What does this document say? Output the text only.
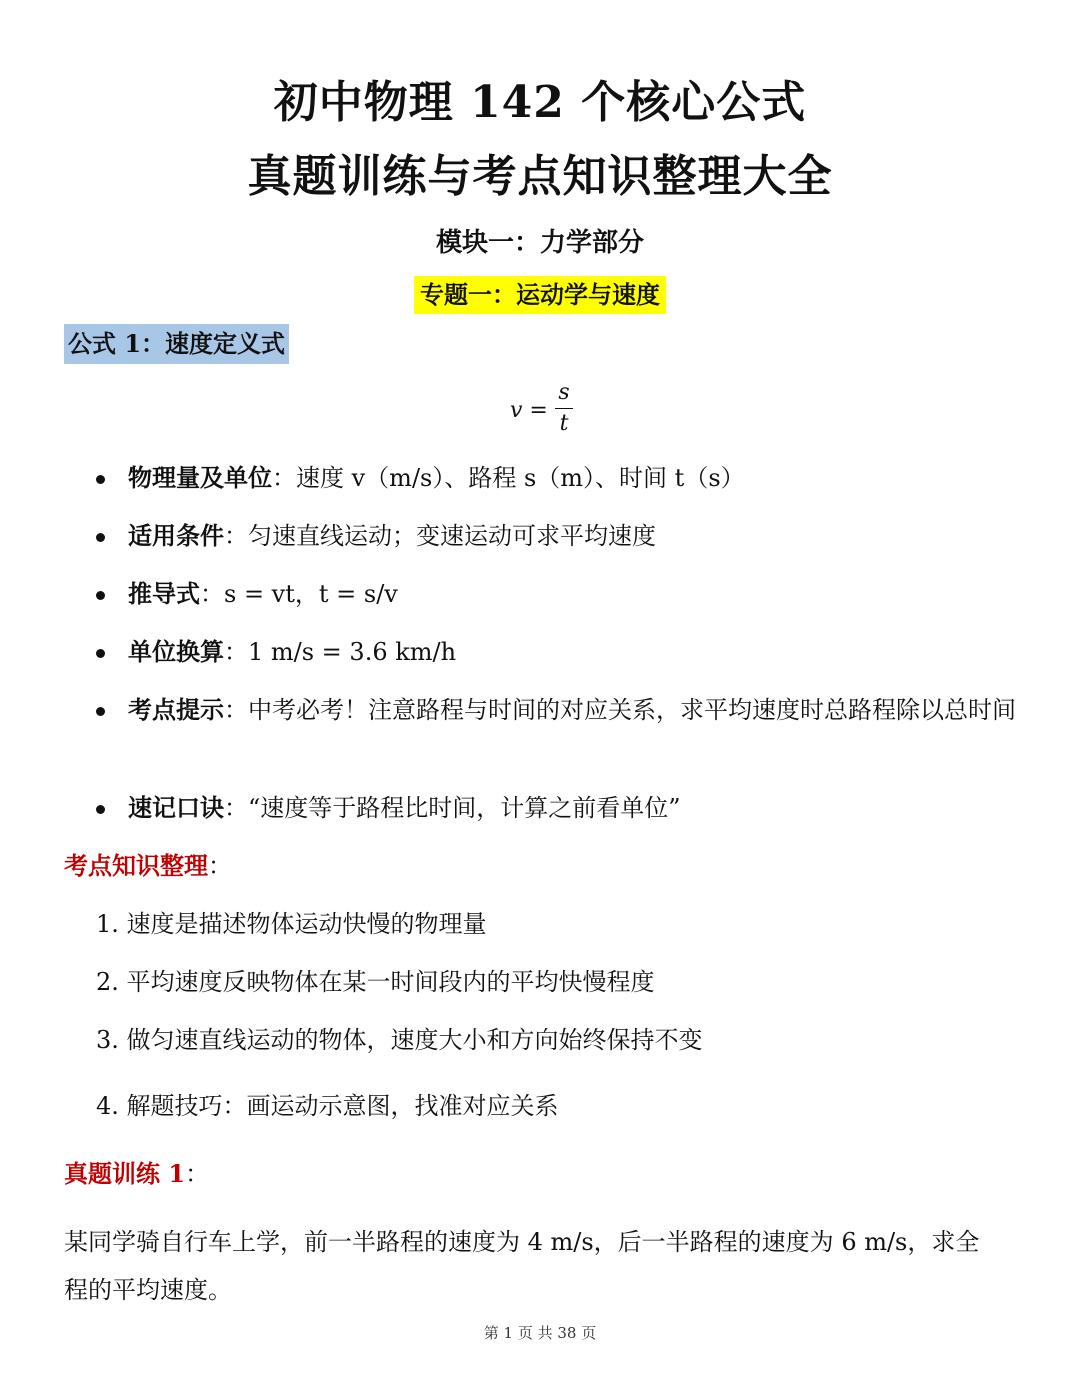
初中物理 142 个核心公式
真题训练与考点知识整理大全
模块一：力学部分
专题一：运动学与速度
公式 1：速度定义式
v =
s
t
物理量及单位：速度 v（m/s）、路程 s（m）、时间 t（s）
适用条件：匀速直线运动；变速运动可求平均速度
推导式：s = vt，t = s/v
单位换算：1 m/s = 3.6 km/h
考点提示：中考必考！注意路程与时间的对应关系，求平均速度时总路程除以总时间
速记口诀：“速度等于路程比时间，计算之前看单位”
考点知识整理：
1. 速度是描述物体运动快慢的物理量
2. 平均速度反映物体在某一时间段内的平均快慢程度
3. 做匀速直线运动的物体，速度大小和方向始终保持不变
4. 解题技巧：画运动示意图，找准对应关系
真题训练 1：
某同学骑自行车上学，前一半路程的速度为 4 m/s，后一半路程的速度为 6 m/s，求全程的平均速度。
第 1 页 共 38 页
